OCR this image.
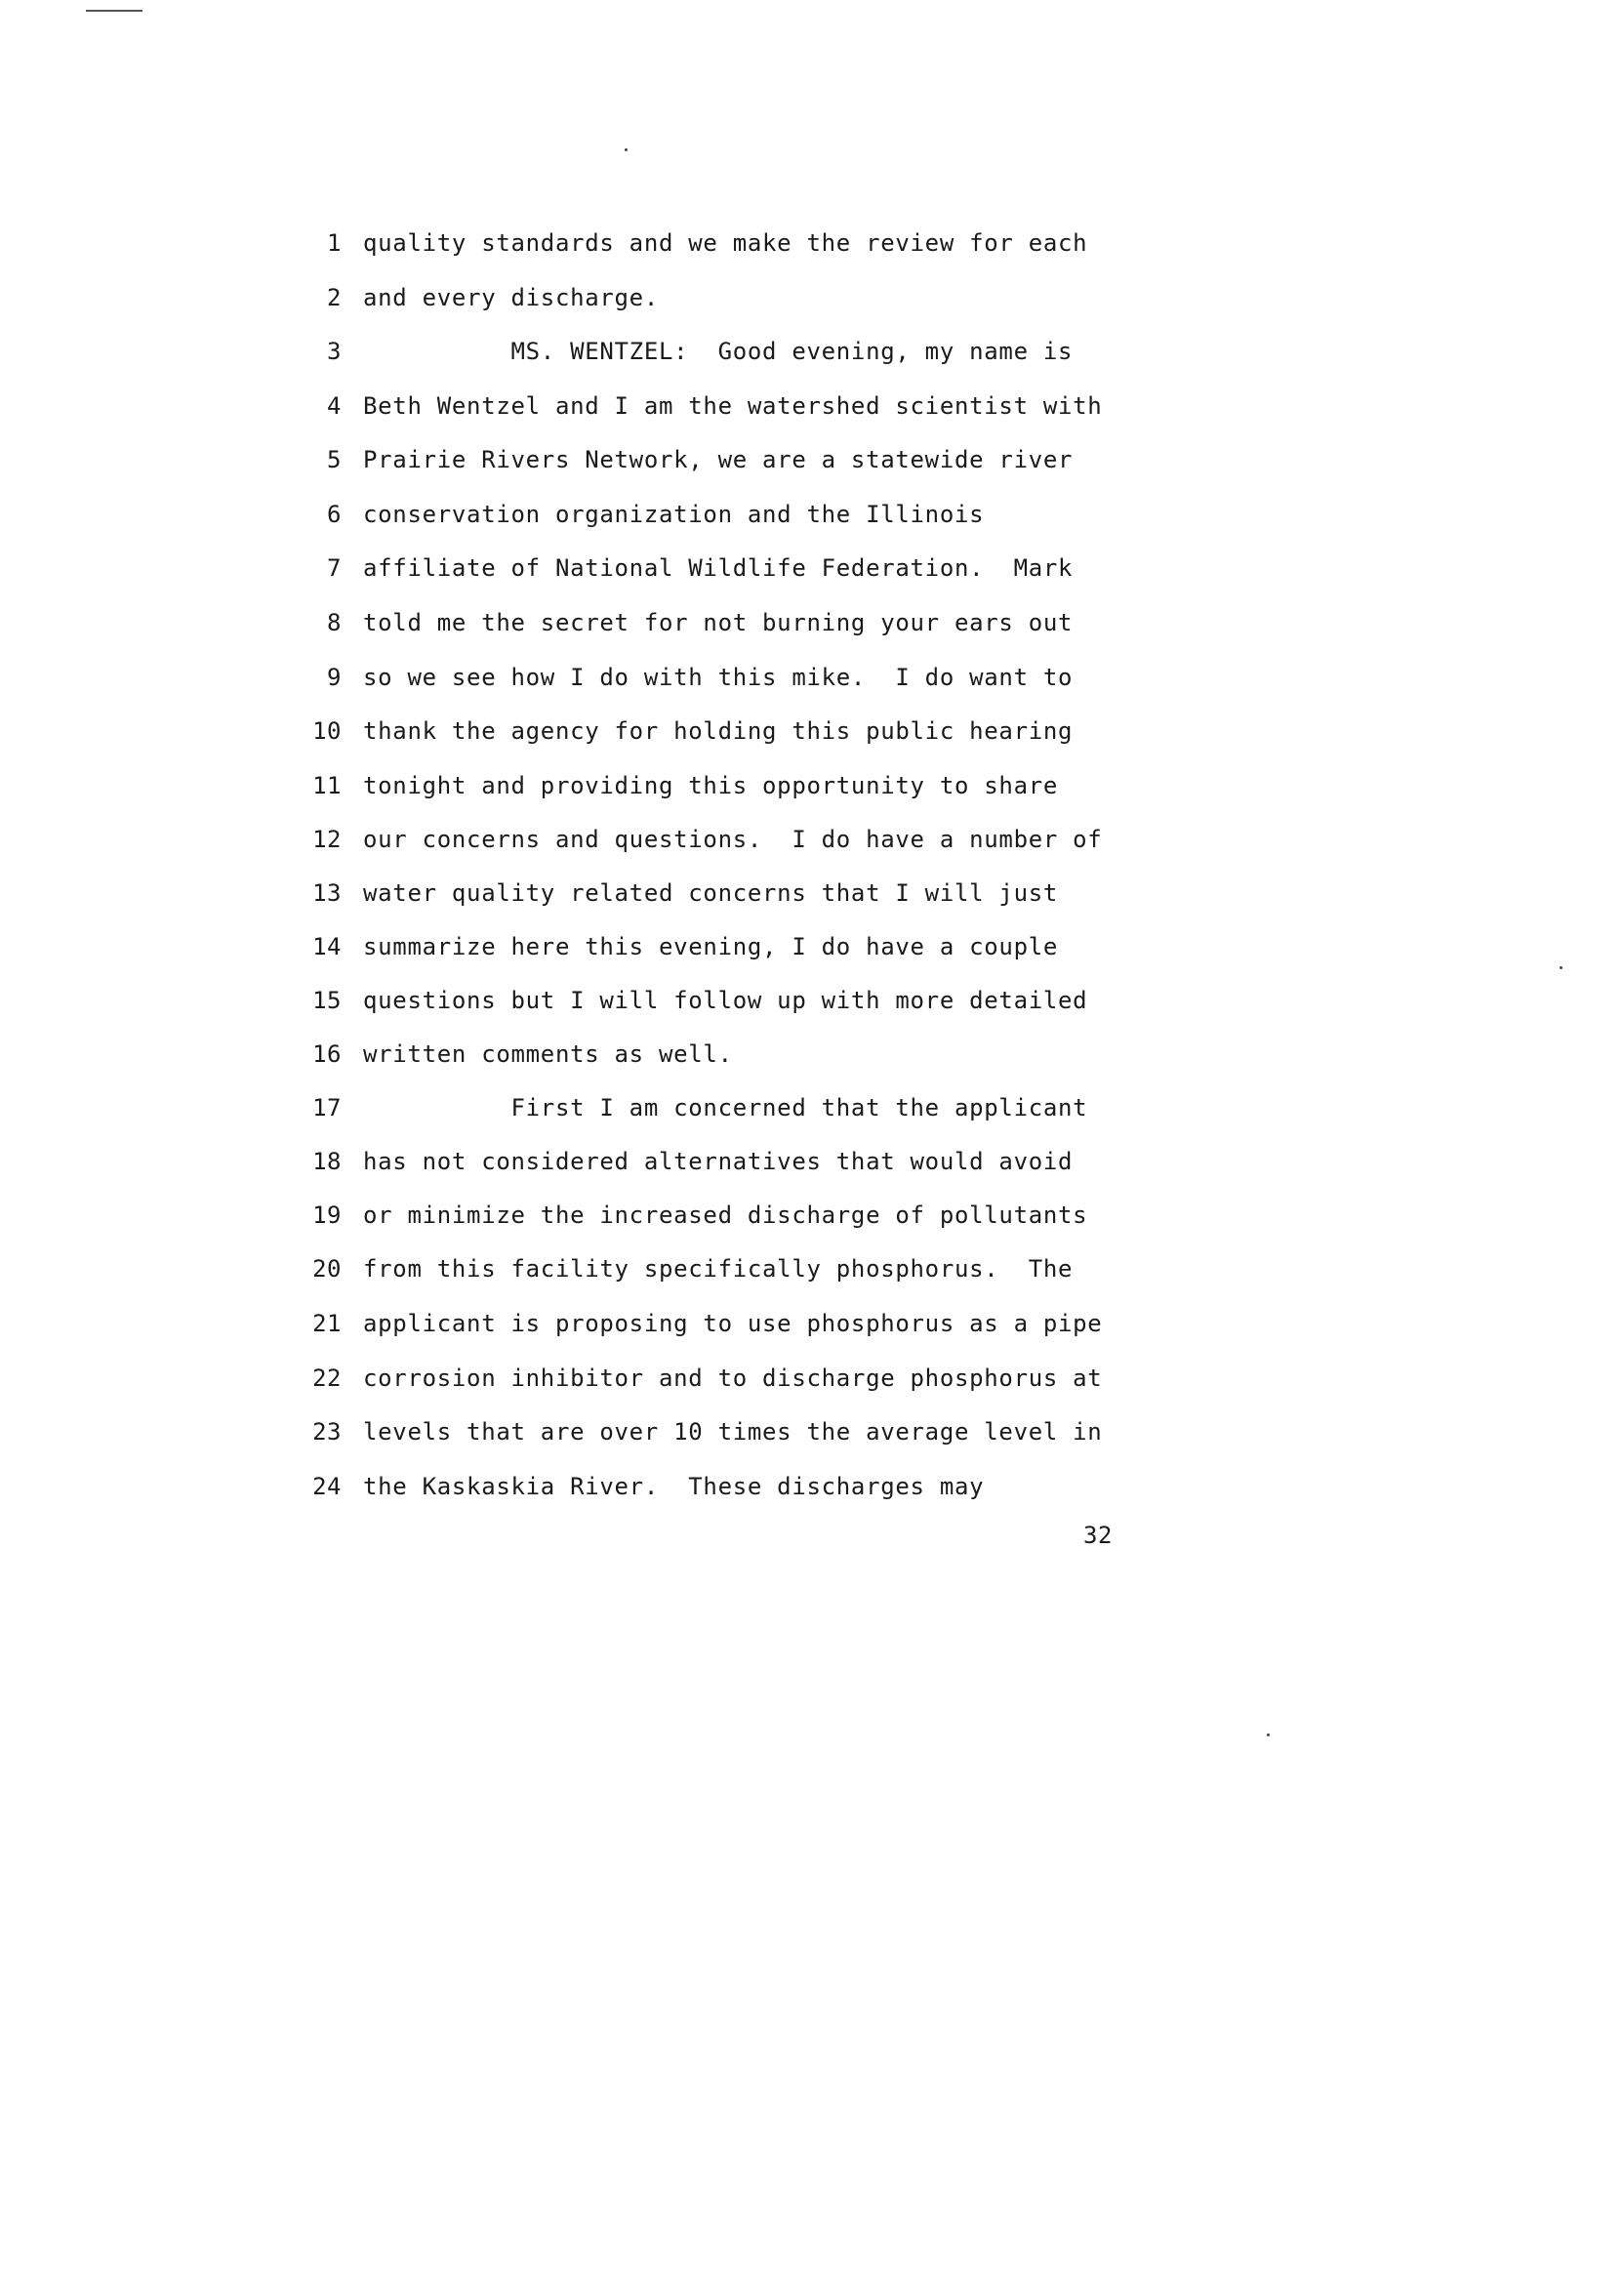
1 quality standards and we make the review for each
2 and every discharge.
3 MS. WENTZEL:  Good evening, my name is
4 Beth Wentzel and I am the watershed scientist with
5 Prairie Rivers Network, we are a statewide river
6 conservation organization and the Illinois
7 affiliate of National Wildlife Federation.  Mark
8 told me the secret for not burning your ears out
9 so we see how I do with this mike.  I do want to
10 thank the agency for holding this public hearing
11 tonight and providing this opportunity to share
12 our concerns and questions.  I do have a number of
13 water quality related concerns that I will just
14 summarize here this evening, I do have a couple
15 questions but I will follow up with more detailed
16 written comments as well.
17 First I am concerned that the applicant
18 has not considered alternatives that would avoid
19 or minimize the increased discharge of pollutants
20 from this facility specifically phosphorus.  The
21 applicant is proposing to use phosphorus as a pipe
22 corrosion inhibitor and to discharge phosphorus at
23 levels that are over 10 times the average level in
24 the Kaskaskia River.  These discharges may
32
